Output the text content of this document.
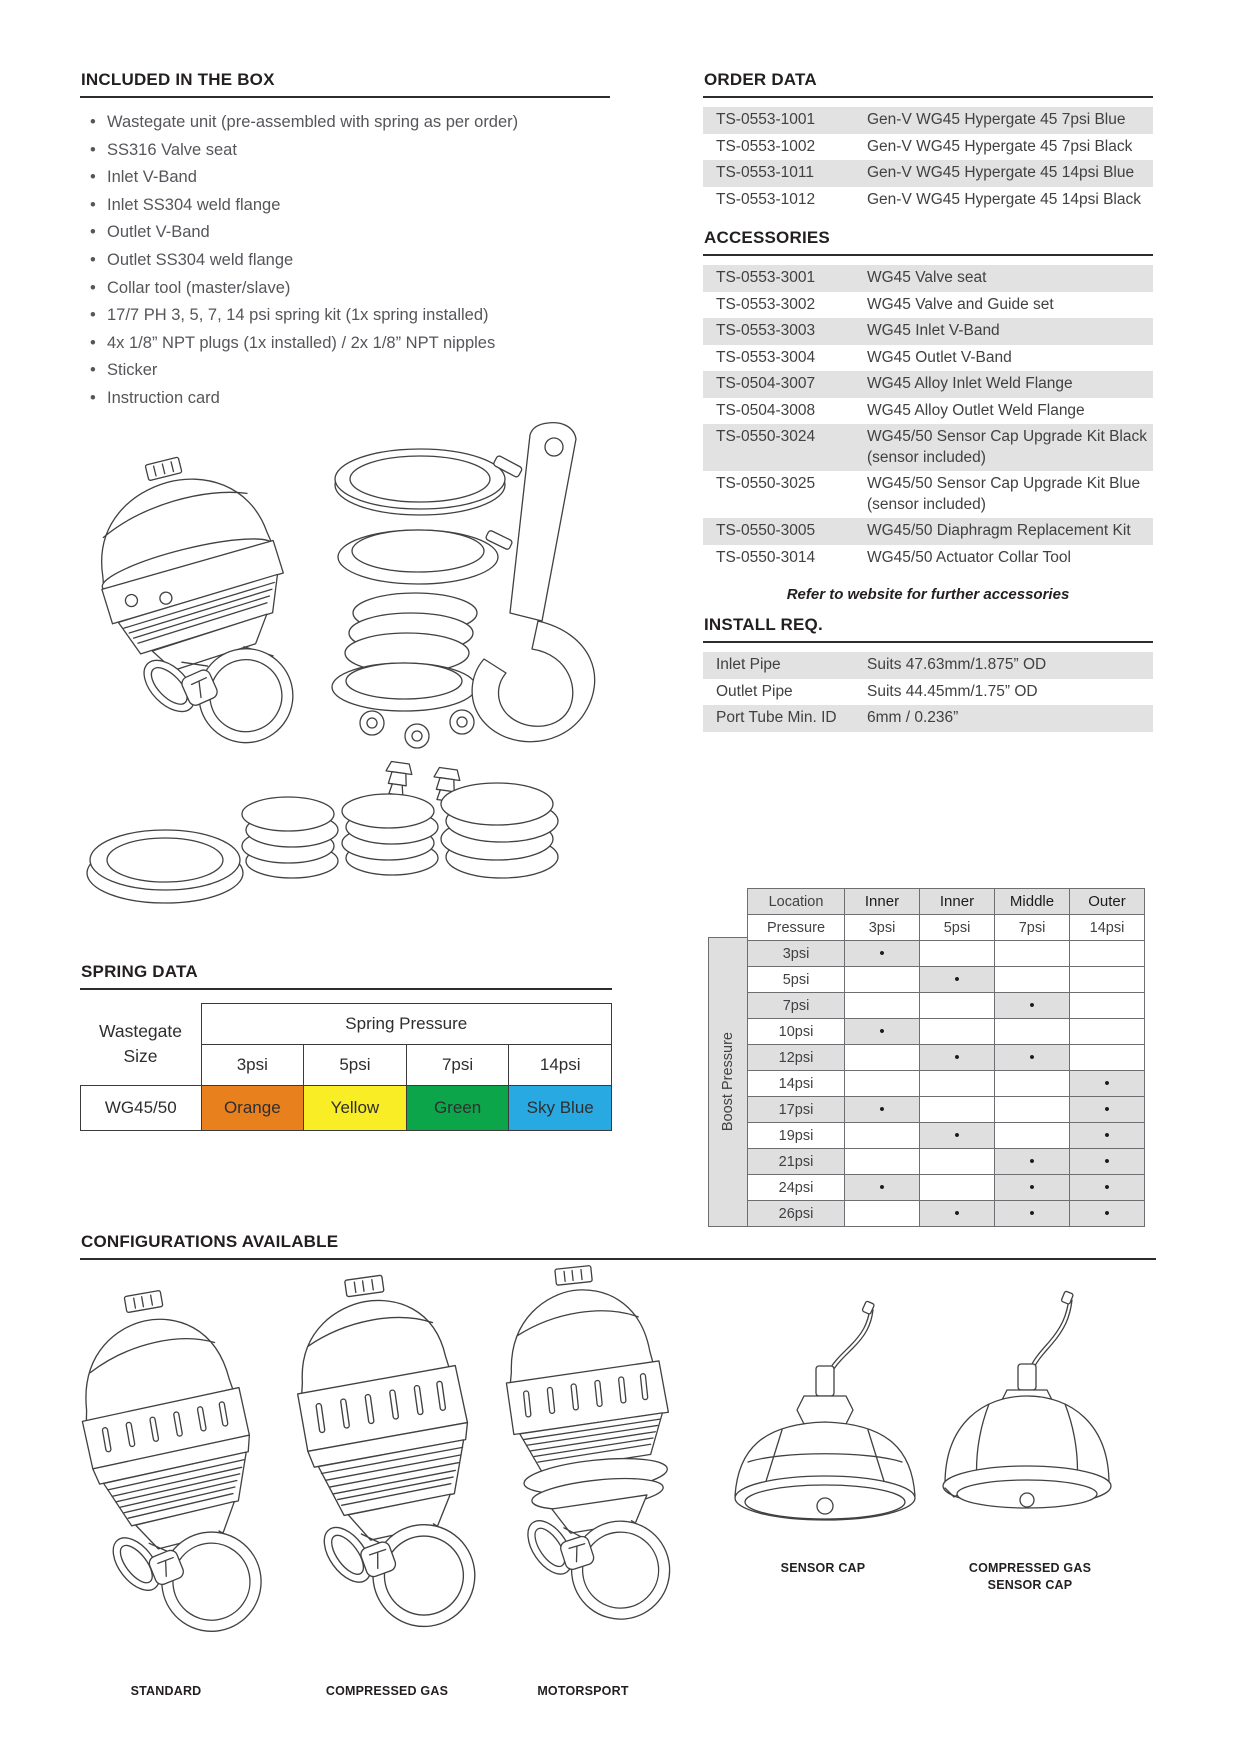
INCLUDED IN THE BOX
• Wastegate unit (pre-assembled with spring as per order)
• SS316 Valve seat
• Inlet V-Band
• Inlet SS304 weld flange
• Outlet V-Band
• Outlet SS304 weld flange
• Collar tool (master/slave)
• 17/7 PH 3, 5, 7, 14 psi spring kit (1x spring installed)
• 4x 1/8” NPT plugs (1x installed) / 2x 1/8” NPT nipples
• Sticker
• Instruction card
ORDER DATA
TS-0553-1001	Gen-V WG45 Hypergate 45 7psi Blue
TS-0553-1002	Gen-V WG45 Hypergate 45 7psi Black
TS-0553-1011	Gen-V WG45 Hypergate 45 14psi Blue
TS-0553-1012	Gen-V WG45 Hypergate 45 14psi Black
ACCESSORIES
TS-0553-3001	WG45 Valve seat
TS-0553-3002	WG45 Valve and Guide set
TS-0553-3003	WG45 Inlet V-Band
TS-0553-3004	WG45 Outlet V-Band
TS-0504-3007	WG45 Alloy Inlet Weld Flange
TS-0504-3008	WG45 Alloy Outlet Weld Flange
TS-0550-3024	WG45/50 Sensor Cap Upgrade Kit Black (sensor included)
TS-0550-3025	WG45/50 Sensor Cap Upgrade Kit Blue (sensor included)
TS-0550-3005	WG45/50 Diaphragm Replacement Kit
TS-0550-3014	WG45/50 Actuator Collar Tool

Refer to website for further accessories

INSTALL REQ.
Inlet Pipe	Suits 47.63mm/1.875” OD
Outlet Pipe	Suits 44.45mm/1.75” OD
Port Tube Min. ID	6mm / 0.236”
Boost Pressure
Location	Inner	Inner	Middle	Outer
Pressure	3psi	5psi	7psi	14psi
3psi	•			
5psi		•		
7psi			•	
10psi	•			
12psi		•	•	
14psi				•
17psi	•			•
19psi		•		•
21psi			•	•
24psi	•		•	•
26psi		•	•	•
SPRING DATA
Wastegate
Size	Spring Pressure			
	3psi	5psi	7psi	14psi
WG45/50	Orange	Yellow	Green	Sky Blue
CONFIGURATIONS AVAILABLE
STANDARD	COMPRESSED GAS	MOTORSPORT
SENSOR CAP	COMPRESSED GAS
SENSOR CAP
